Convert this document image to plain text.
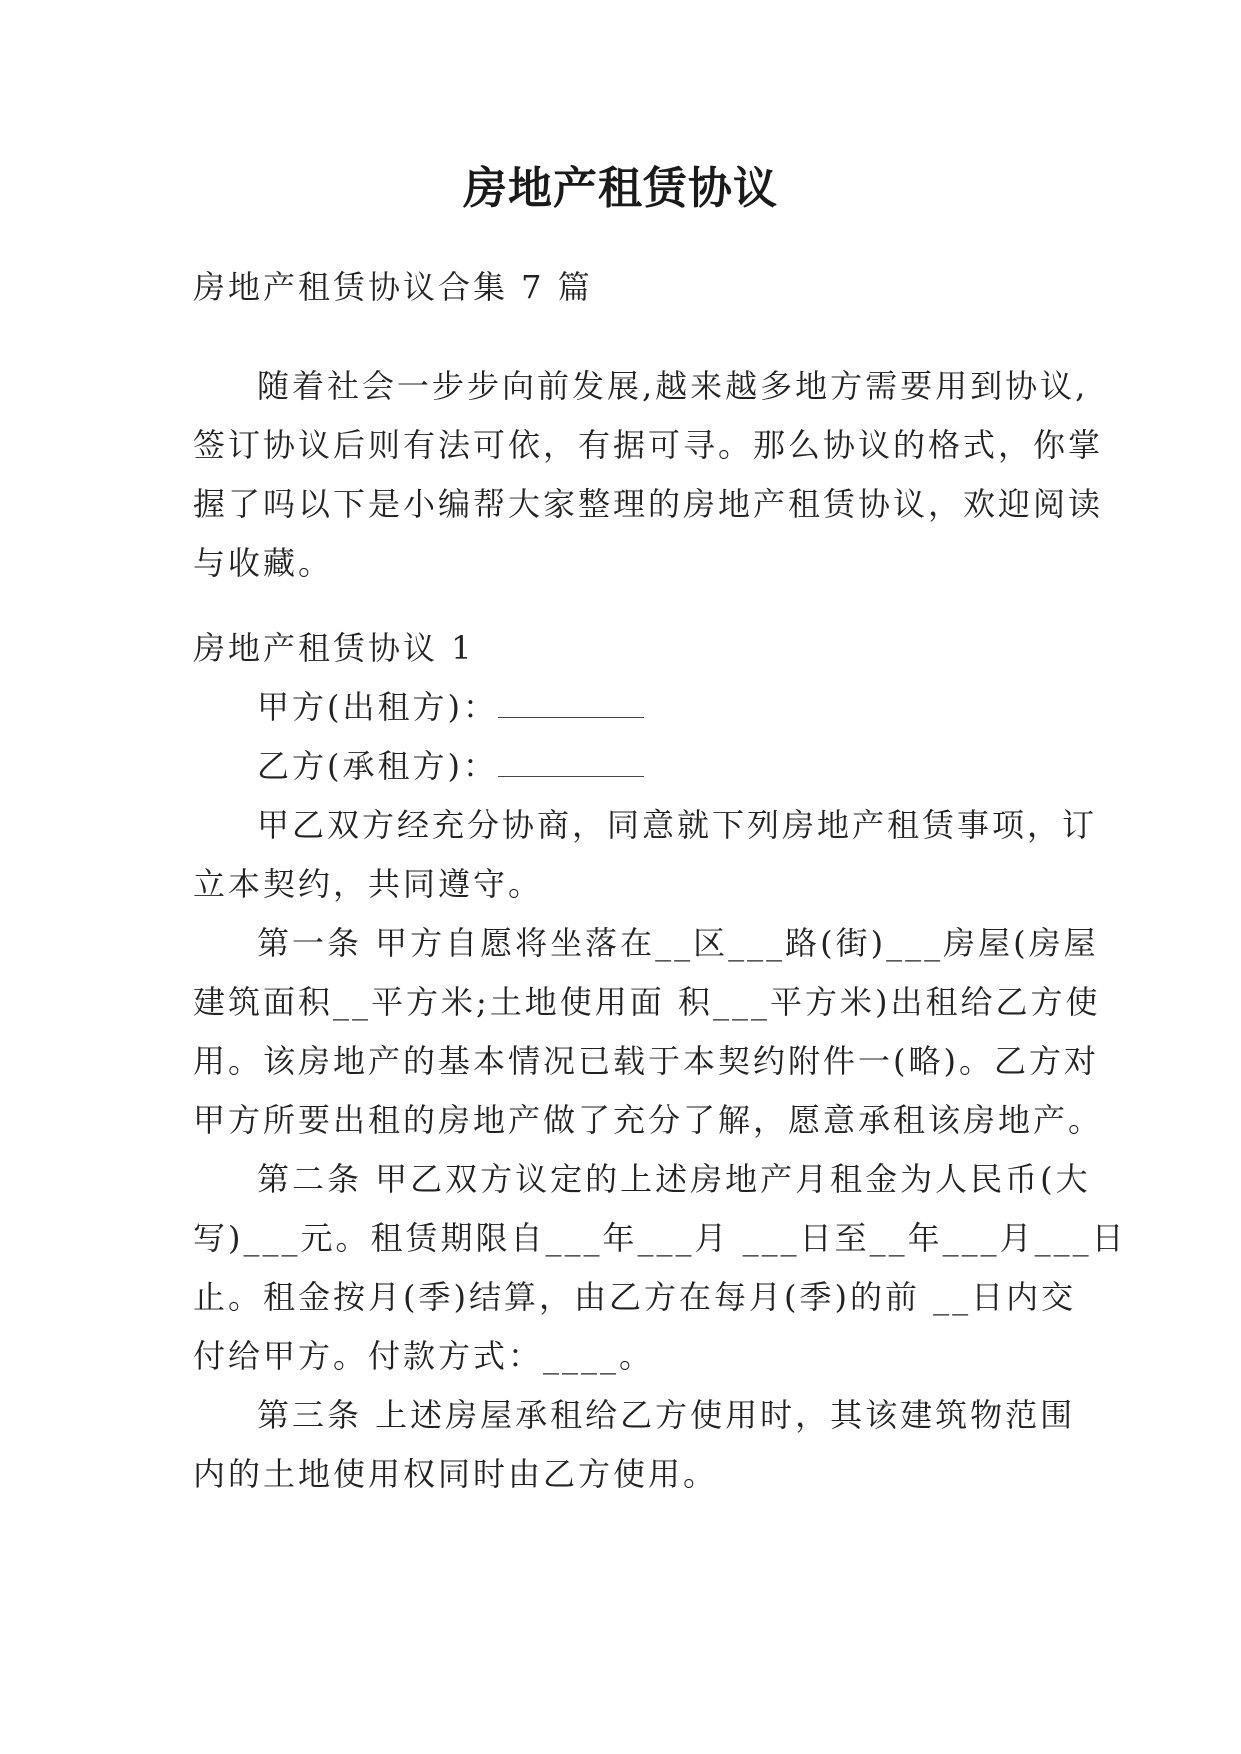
房地产租赁协议
房地产租赁协议合集 7 篇
随着社会一步步向前发展,越来越多地方需要用到协议,
签订协议后则有法可依，有据可寻。那么协议的格式，你掌
握了吗以下是小编帮大家整理的房地产租赁协议，欢迎阅读
与收藏。
房地产租赁协议 1
甲方(出租方)：
乙方(承租方)：
甲乙双方经充分协商，同意就下列房地产租赁事项，订
立本契约，共同遵守。
第一条 甲方自愿将坐落在__区___路(街)___房屋(房屋
建筑面积__平方米;土地使用面 积___平方米)出租给乙方使
用。该房地产的基本情况已载于本契约附件一(略)。乙方对
甲方所要出租的房地产做了充分了解，愿意承租该房地产。
第二条 甲乙双方议定的上述房地产月租金为人民币(大
写)___元。租赁期限自___年___月 ___日至__年___月___日
止。租金按月(季)结算，由乙方在每月(季)的前 __日内交
付给甲方。付款方式：____。
第三条 上述房屋承租给乙方使用时，其该建筑物范围
内的土地使用权同时由乙方使用。
